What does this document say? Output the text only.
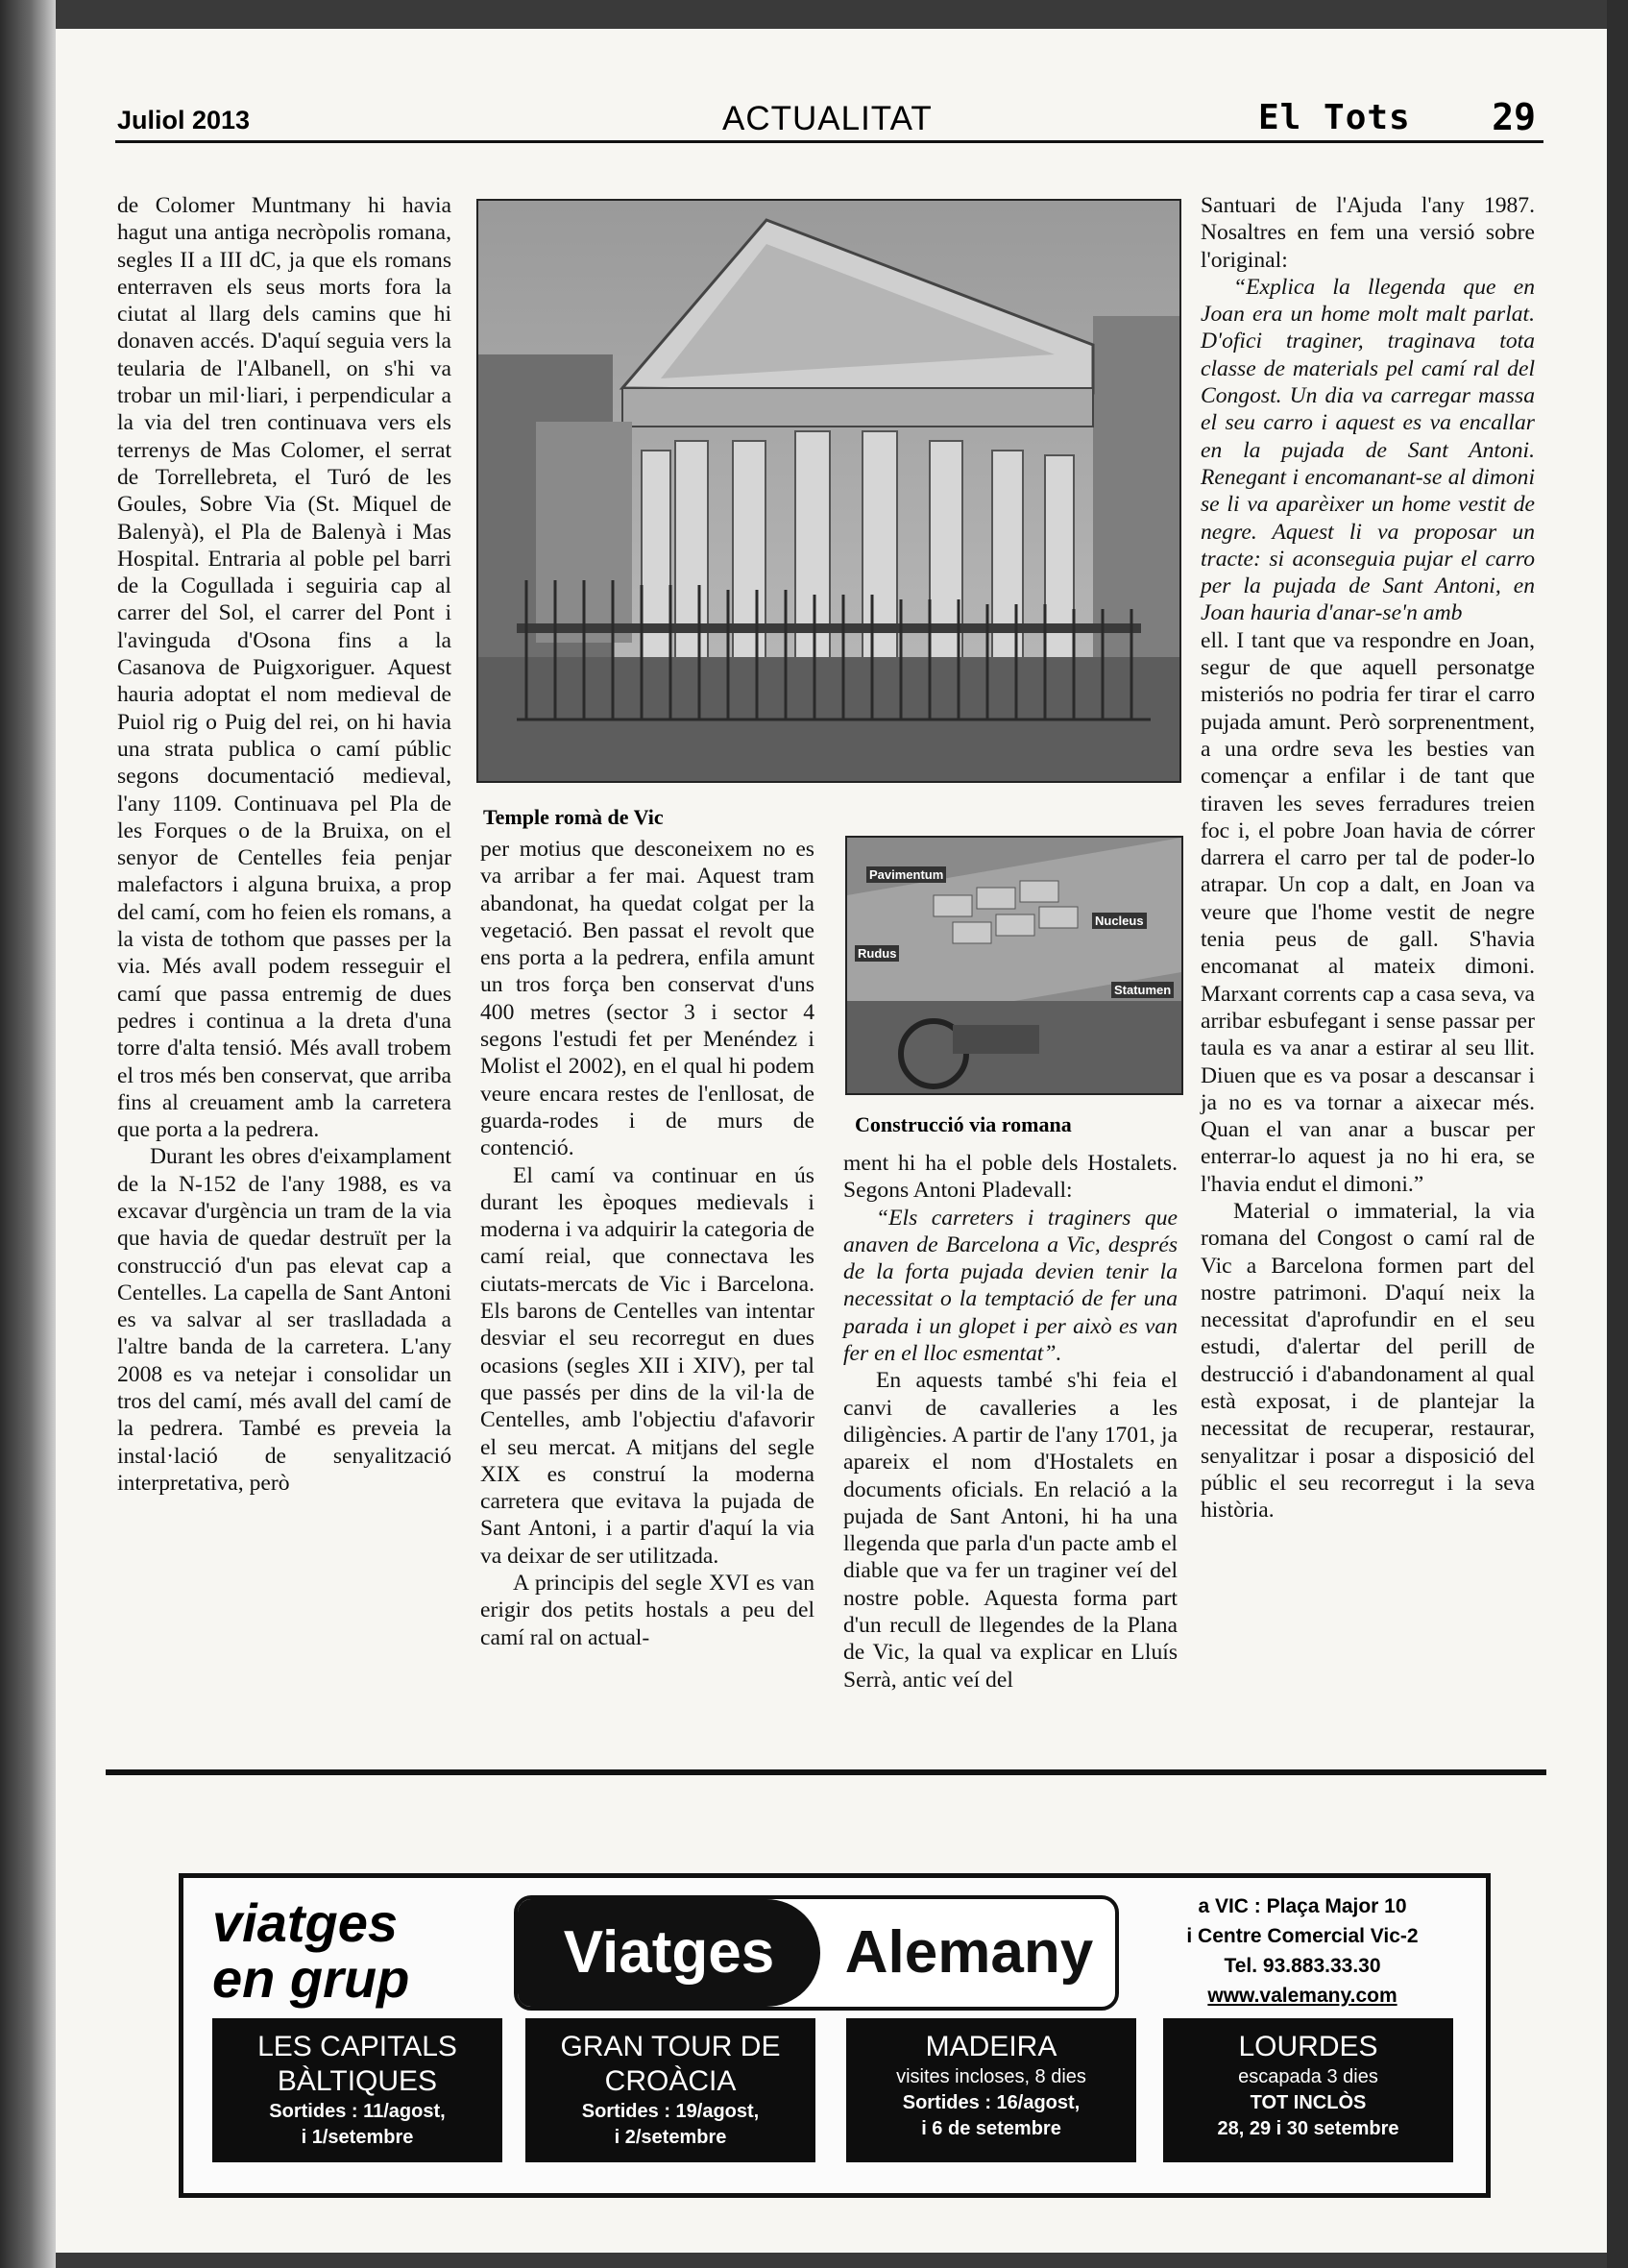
Juliol 2013	ACTUALITAT	El Tots 29

de Colomer Muntmany hi havia hagut una antiga necròpolis romana, segles II a III dC, ja que els romans enterraven els seus morts fora la ciutat al llarg dels camins que hi donaven accés. D'aquí seguia vers la teularia de l'Albanell, on s'hi va trobar un mil·liari, i perpendicular a la via del tren continuava vers els terrenys de Mas Colomer, el serrat de Torrellebreta, el Turó de les Goules, Sobre Via (St. Miquel de Balenyà), el Pla de Balenyà i Mas Hospital. Entraria al poble pel barri de la Cogullada i seguiria cap al carrer del Sol, el carrer del Pont i l'avinguda d'Osona fins a la Casanova de Puigxoriguer. Aquest hauria adoptat el nom medieval de Puiol rig o Puig del rei, on hi havia una strata publica o camí públic segons documentació medieval, l'any 1109. Continuava pel Pla de les Forques o de la Bruixa, on el senyor de Centelles feia penjar malefactors i alguna bruixa, a prop del camí, com ho feien els romans, a la vista de tothom que passes per la via. Més avall podem resseguir el camí que passa entremig de dues pedres i continua a la dreta d'una torre d'alta tensió. Més avall trobem el tros més ben conservat, que arriba fins al creuament amb la carretera que porta a la pedrera.

Durant les obres d'eixamplament de la N-152 de l'any 1988, es va excavar d'urgència un tram de la via que havia de quedar destruït per la construcció d'un pas elevat cap a Centelles. La capella de Sant Antoni es va salvar al ser traslladada a l'altre banda de la carretera. L'any 2008 es va netejar i consolidar un tros del camí, més avall del camí de la pedrera. També es preveia la instal·lació de senyalització interpretativa, però

Temple romà de Vic

per motius que desconeixem no es va arribar a fer mai. Aquest tram abandonat, ha quedat colgat per la vegetació. Ben passat el revolt que ens porta a la pedrera, enfila amunt un tros força ben conservat d'uns 400 metres (sector 3 i sector 4 segons l'estudi fet per Menéndez i Molist el 2002), en el qual hi podem veure encara restes de l'enllosat, de guarda-rodes i de murs de contenció.

El camí va continuar en ús durant les èpoques medievals i moderna i va adquirir la categoria de camí reial, que connectava les ciutats-mercats de Vic i Barcelona. Els barons de Centelles van intentar desviar el seu recorregut en dues ocasions (segles XII i XIV), per tal que passés per dins de la vil·la de Centelles, amb l'objectiu d'afavorir el seu mercat. A mitjans del segle XIX es construí la moderna carretera que evitava la pujada de Sant Antoni, i a partir d'aquí la via va deixar de ser utilitzada.

A principis del segle XVI es van erigir dos petits hostals a peu del camí ral on actual-

Pavimentum
Nucleus
Rudus
Statumen
Construcció via romana

ment hi ha el poble dels Hostalets. Segons Antoni Pladevall:

“Els carreters i traginers que anaven de Barcelona a Vic, després de la forta pujada devien tenir la necessitat o la temptació de fer una parada i un glopet i per això es van fer en el lloc esmentat”.

En aquests també s'hi feia el canvi de cavalleries a les diligències. A partir de l'any 1701, ja apareix el nom d'Hostalets en documents oficials. En relació a la pujada de Sant Antoni, hi ha una llegenda que parla d'un pacte amb el diable que va fer un traginer veí del nostre poble. Aquesta forma part d'un recull de llegendes de la Plana de Vic, la qual va explicar en Lluís Serrà, antic veí del

Santuari de l'Ajuda l'any 1987. Nosaltres en fem una versió sobre l'original:

“Explica la llegenda que en Joan era un home molt malt parlat. D'ofici traginer, traginava tota classe de materials pel camí ral del Congost. Un dia va carregar massa el seu carro i aquest es va encallar en la pujada de Sant Antoni. Renegant i encomanant-se al dimoni se li va aparèixer un home vestit de negre. Aquest li va proposar un tracte: si aconseguia pujar el carro per la pujada de Sant Antoni, en Joan hauria d'anar-se'n amb

ell. I tant que va respondre en Joan, segur de que aquell personatge misteriós no podria fer tirar el carro pujada amunt. Però sorprenentment, a una ordre seva les besties van començar a enfilar i de tant que tiraven les seves ferradures treien foc i, el pobre Joan havia de córrer darrera el carro per tal de poder-lo atrapar. Un cop a dalt, en Joan va veure que l'home vestit de negre tenia peus de gall. S'havia encomanat al mateix dimoni. Marxant corrents cap a casa seva, va arribar esbufegant i sense passar per taula es va anar a estirar al seu llit. Diuen que es va posar a descansar i ja no es va tornar a aixecar més. Quan el van anar a buscar per enterrar-lo aquest ja no hi era, se l'havia endut el dimoni.”

Material o immaterial, la via romana del Congost o camí ral de Vic a Barcelona formen part del nostre patrimoni. D'aquí neix la necessitat d'aprofundir en el seu estudi, d'alertar del perill de destrucció i d'abandonament al qual està exposat, i de plantejar la necessitat de recuperar, restaurar, senyalitzar i posar a disposició del públic el seu recorregut i la seva història.

viatges
en grup	Viatges	Alemany
a VIC : Plaça Major 10
i Centre Comercial Vic-2
Tel. 93.883.33.30
www.valemany.com
LES CAPITALS
BÀLTIQUES
Sortides : 11/agost,
i 1/setembre
GRAN TOUR DE
CROÀCIA
Sortides : 19/agost,
i 2/setembre
MADEIRA
visites incloses, 8 dies
Sortides : 16/agost,
i 6 de setembre
LOURDES
escapada 3 dies
TOT INCLÒS
28, 29 i 30 setembre
